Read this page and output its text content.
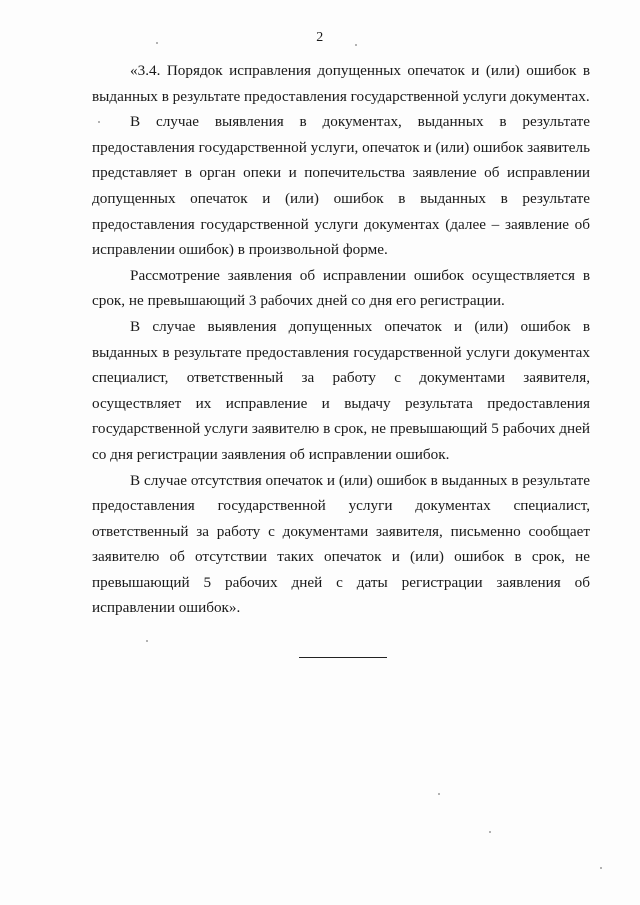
2

«3.4. Порядок исправления допущенных опечаток и (или) ошибок в выданных в результате предоставления государственной услуги документах.

В случае выявления в документах, выданных в результате предоставления государственной услуги, опечаток и (или) ошибок заявитель представляет в орган опеки и попечительства заявление об исправлении допущенных опечаток и (или) ошибок в выданных в результате предоставления государственной услуги документах (далее – заявление об исправлении ошибок) в произвольной форме.

Рассмотрение заявления об исправлении ошибок осуществляется в срок, не превышающий 3 рабочих дней со дня его регистрации.

В случае выявления допущенных опечаток и (или) ошибок в выданных в результате предоставления государственной услуги документах специалист, ответственный за работу с документами заявителя, осуществляет их исправление и выдачу результата предоставления государственной услуги заявителю в срок, не превышающий 5 рабочих дней со дня регистрации заявления об исправлении ошибок.

В случае отсутствия опечаток и (или) ошибок в выданных в результате предоставления государственной услуги документах специалист, ответственный за работу с документами заявителя, письменно сообщает заявителю об отсутствии таких опечаток и (или) ошибок в срок, не превышающий 5 рабочих дней с даты регистрации заявления об исправлении ошибок».
